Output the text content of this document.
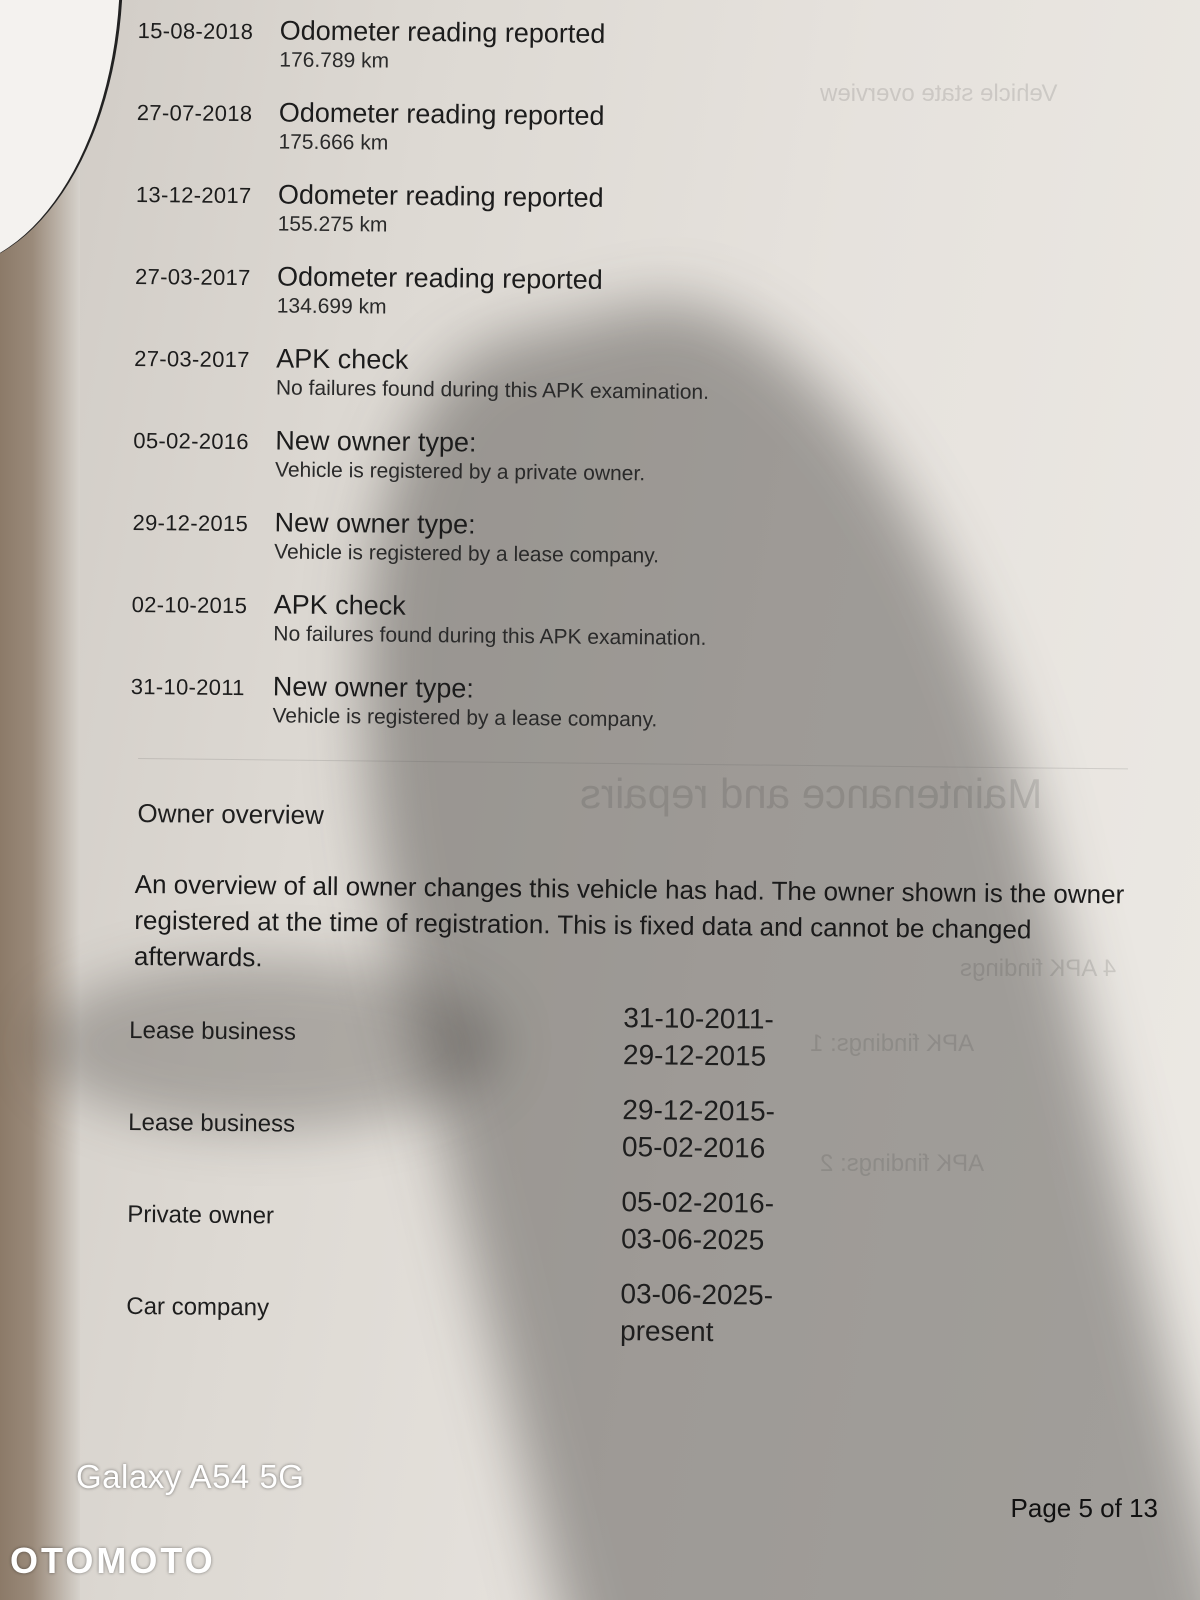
Vehicle state overview
Maintenance and repairs
4 APK findings
APK findings: 1
APK findings: 2
15-08-2018 Odometer reading reported
176.789 km
27-07-2018 Odometer reading reported
175.666 km
13-12-2017 Odometer reading reported
155.275 km
27-03-2017 Odometer reading reported
134.699 km
27-03-2017 APK check
No failures found during this APK examination.
05-02-2016 New owner type:
Vehicle is registered by a private owner.
29-12-2015 New owner type:
Vehicle is registered by a lease company.
02-10-2015 APK check
No failures found during this APK examination.
31-10-2011	New owner type:
Vehicle is registered by a lease company.
Owner overview
An overview of all owner changes this vehicle has had. The owner shown is the owner registered at the time of registration. This is fixed data and cannot be changed afterwards.
Lease business	31-10-2011-
29-12-2015
Lease business	29-12-2015-
05-02-2016
Private owner	05-02-2016-
03-06-2025
Car company	03-06-2025-
present
Page 5 of 13
Galaxy A54 5G
OTOMOTO
